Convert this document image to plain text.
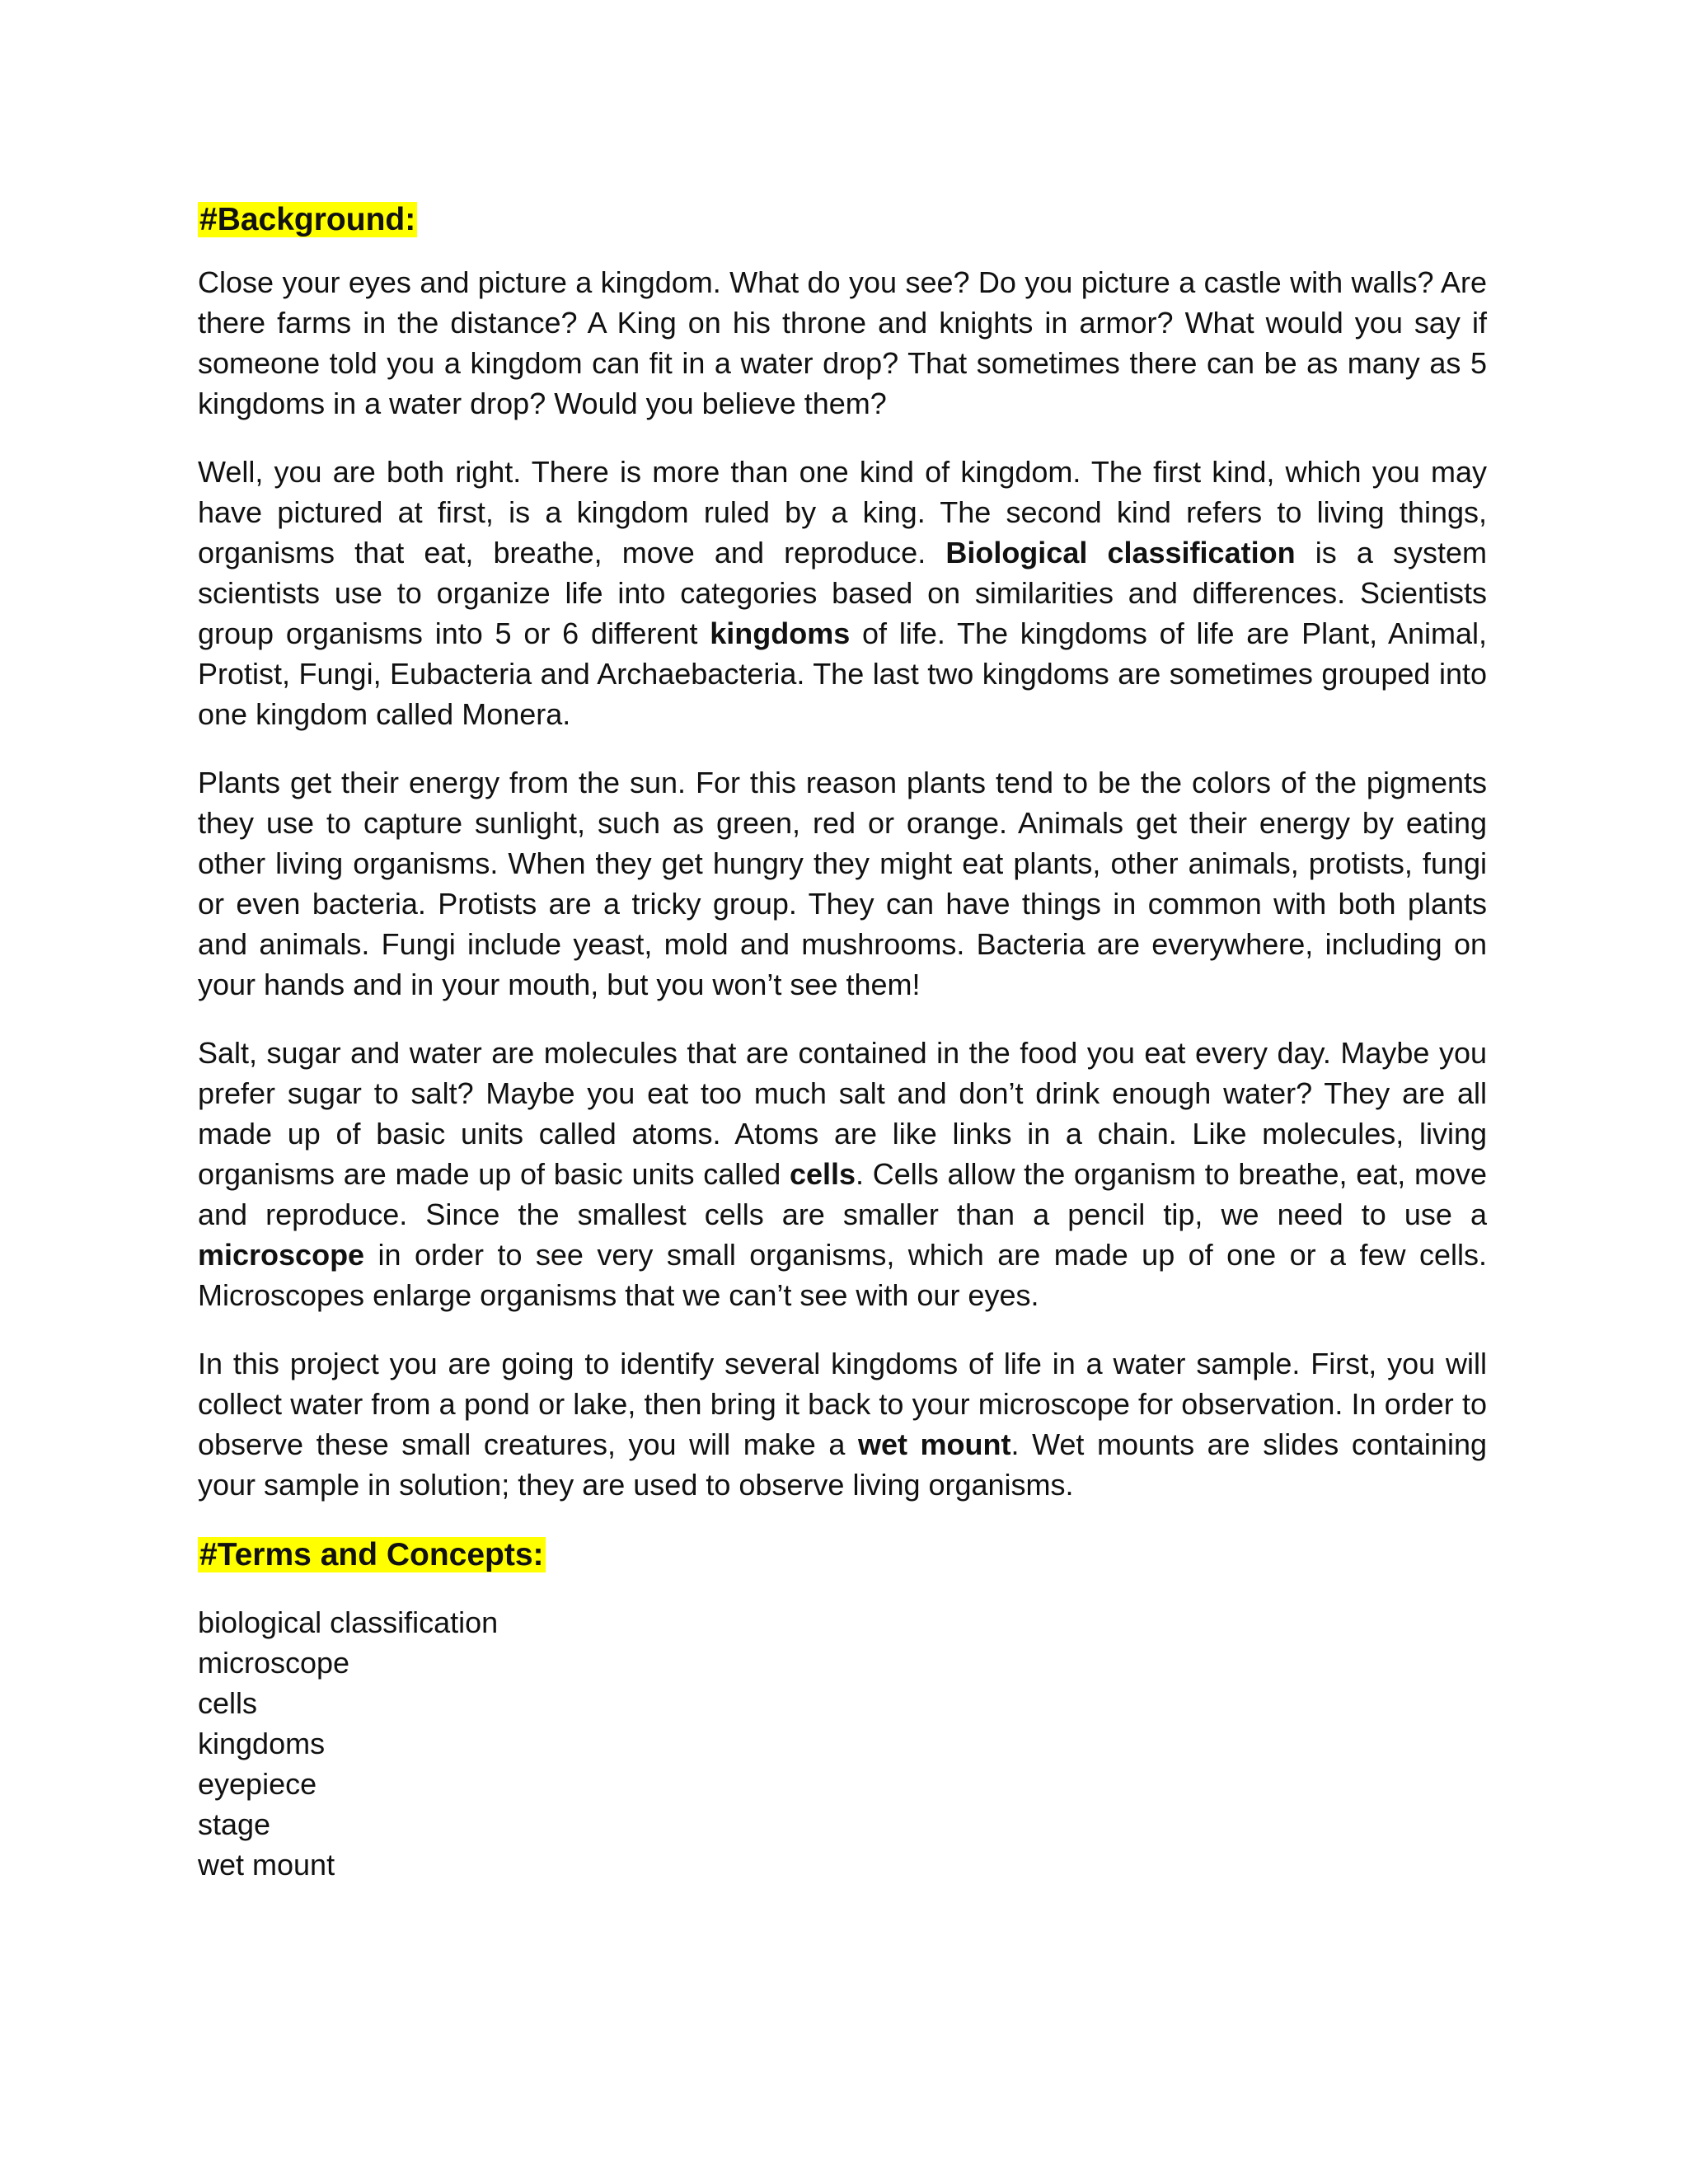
#Background:

Close your eyes and picture a kingdom. What do you see? Do you picture a castle with walls? Are there farms in the distance? A King on his throne and knights in armor? What would you say if someone told you a kingdom can fit in a water drop? That sometimes there can be as many as 5 kingdoms in a water drop? Would you believe them?

Well, you are both right. There is more than one kind of kingdom. The first kind, which you may have pictured at first, is a kingdom ruled by a king. The second kind refers to living things, organisms that eat, breathe, move and reproduce. Biological classification is a system scientists use to organize life into categories based on similarities and differences. Scientists group organisms into 5 or 6 different kingdoms of life. The kingdoms of life are Plant, Animal, Protist, Fungi, Eubacteria and Archaebacteria. The last two kingdoms are sometimes grouped into one kingdom called Monera.

Plants get their energy from the sun. For this reason plants tend to be the colors of the pigments they use to capture sunlight, such as green, red or orange. Animals get their energy by eating other living organisms. When they get hungry they might eat plants, other animals, protists, fungi or even bacteria. Protists are a tricky group. They can have things in common with both plants and animals. Fungi include yeast, mold and mushrooms. Bacteria are everywhere, including on your hands and in your mouth, but you won’t see them!

Salt, sugar and water are molecules that are contained in the food you eat every day. Maybe you prefer sugar to salt? Maybe you eat too much salt and don’t drink enough water? They are all made up of basic units called atoms. Atoms are like links in a chain. Like molecules, living organisms are made up of basic units called cells. Cells allow the organism to breathe, eat, move and reproduce. Since the smallest cells are smaller than a pencil tip, we need to use a microscope in order to see very small organisms, which are made up of one or a few cells. Microscopes enlarge organisms that we can’t see with our eyes.

In this project you are going to identify several kingdoms of life in a water sample. First, you will collect water from a pond or lake, then bring it back to your microscope for observation. In order to observe these small creatures, you will make a wet mount. Wet mounts are slides containing your sample in solution; they are used to observe living organisms.

#Terms and Concepts:
biological classification
microscope
cells
kingdoms
eyepiece
stage
wet mount
